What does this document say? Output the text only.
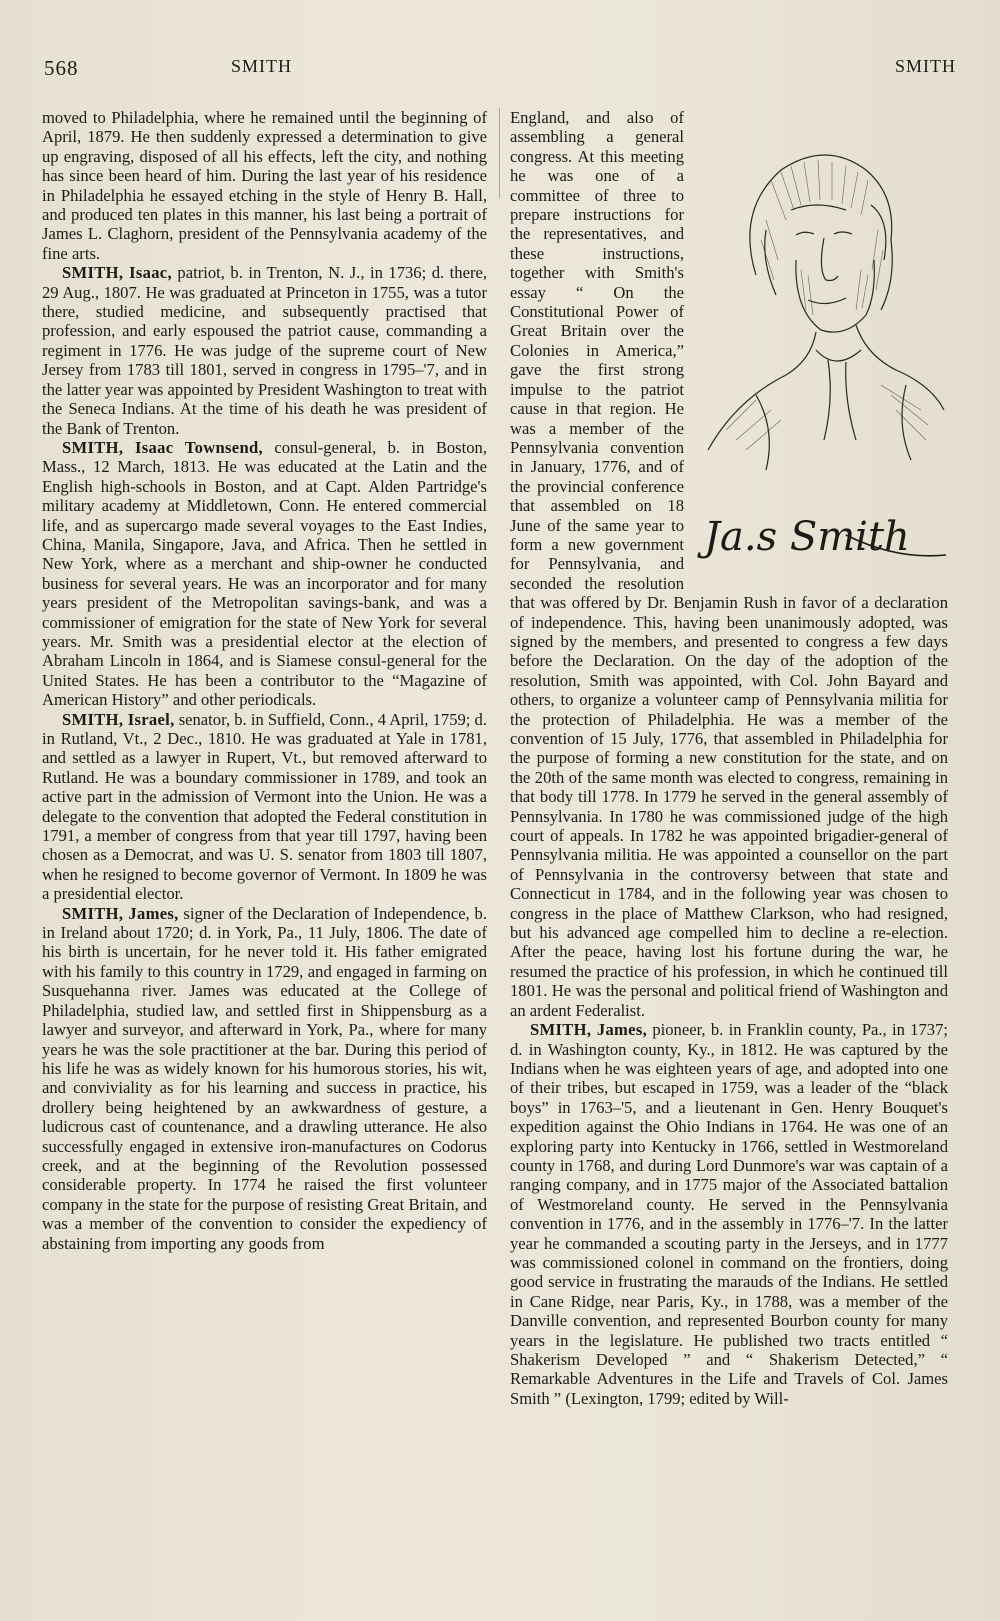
568	SMITH	SMITH

moved to Philadelphia, where he remained until the beginning of April, 1879. He then suddenly expressed a determination to give up engraving, disposed of all his effects, left the city, and nothing has since been heard of him. During the last year of his residence in Philadelphia he essayed etching in the style of Henry B. Hall, and produced ten plates in this manner, his last being a portrait of James L. Claghorn, president of the Pennsylvania academy of the fine arts.

SMITH, Isaac, patriot, b. in Trenton, N. J., in 1736; d. there, 29 Aug., 1807. He was graduated at Princeton in 1755, was a tutor there, studied medicine, and subsequently practised that profession, and early espoused the patriot cause, commanding a regiment in 1776. He was judge of the supreme court of New Jersey from 1783 till 1801, served in congress in 1795–'7, and in the latter year was appointed by President Washington to treat with the Seneca Indians. At the time of his death he was president of the Bank of Trenton.

SMITH, Isaac Townsend, consul-general, b. in Boston, Mass., 12 March, 1813. He was educated at the Latin and the English high-schools in Boston, and at Capt. Alden Partridge's military academy at Middletown, Conn. He entered commercial life, and as supercargo made several voyages to the East Indies, China, Manila, Singapore, Java, and Africa. Then he settled in New York, where as a merchant and ship-owner he conducted business for several years. He was an incorporator and for many years president of the Metropolitan savings-bank, and was a commissioner of emigration for the state of New York for several years. Mr. Smith was a presidential elector at the election of Abraham Lincoln in 1864, and is Siamese consul-general for the United States. He has been a contributor to the “Magazine of American History” and other periodicals.

SMITH, Israel, senator, b. in Suffield, Conn., 4 April, 1759; d. in Rutland, Vt., 2 Dec., 1810. He was graduated at Yale in 1781, and settled as a lawyer in Rupert, Vt., but removed afterward to Rutland. He was a boundary commissioner in 1789, and took an active part in the admission of Vermont into the Union. He was a delegate to the convention that adopted the Federal constitution in 1791, a member of congress from that year till 1797, having been chosen as a Democrat, and was U. S. senator from 1803 till 1807, when he resigned to become governor of Vermont. In 1809 he was a presidential elector.

SMITH, James, signer of the Declaration of Independence, b. in Ireland about 1720; d. in York, Pa., 11 July, 1806. The date of his birth is uncertain, for he never told it. His father emigrated with his family to this country in 1729, and engaged in farming on Susquehanna river. James was educated at the College of Philadelphia, studied law, and settled first in Shippensburg as a lawyer and surveyor, and afterward in York, Pa., where for many years he was the sole practitioner at the bar. During this period of his life he was as widely known for his humorous stories, his wit, and conviviality as for his learning and success in practice, his drollery being heightened by an awkwardness of gesture, a ludicrous cast of countenance, and a drawling utterance. He also successfully engaged in extensive iron-manufactures on Codorus creek, and at the beginning of the Revolution possessed considerable property. In 1774 he raised the first volunteer company in the state for the purpose of resisting Great Britain, and was a member of the convention to consider the expediency of abstaining from importing any goods from

Ja.s Smith

England, and also of assembling a general congress. At this meeting he was one of a committee of three to prepare instructions for the representatives, and these instructions, together with Smith's essay “ On the Constitutional Power of Great Britain over the Colonies in America,” gave the first strong impulse to the patriot cause in that region. He was a member of the Pennsylvania convention in January, 1776, and of the provincial conference that assembled on 18 June of the same year to form a new government for Pennsylvania, and seconded the resolution that was offered by Dr. Benjamin Rush in favor of a declaration of independence. This, having been unanimously adopted, was signed by the members, and presented to congress a few days before the Declaration. On the day of the adoption of the resolution, Smith was appointed, with Col. John Bayard and others, to organize a volunteer camp of Pennsylvania militia for the protection of Philadelphia. He was a member of the convention of 15 July, 1776, that assembled in Philadelphia for the purpose of forming a new constitution for the state, and on the 20th of the same month was elected to congress, remaining in that body till 1778. In 1779 he served in the general assembly of Pennsylvania. In 1780 he was commissioned judge of the high court of appeals. In 1782 he was appointed brigadier-general of Pennsylvania militia. He was appointed a counsellor on the part of Pennsylvania in the controversy between that state and Connecticut in 1784, and in the following year was chosen to congress in the place of Matthew Clarkson, who had resigned, but his advanced age compelled him to decline a re-election. After the peace, having lost his fortune during the war, he resumed the practice of his profession, in which he continued till 1801. He was the personal and political friend of Washington and an ardent Federalist.

SMITH, James, pioneer, b. in Franklin county, Pa., in 1737; d. in Washington county, Ky., in 1812. He was captured by the Indians when he was eighteen years of age, and adopted into one of their tribes, but escaped in 1759, was a leader of the “black boys” in 1763–'5, and a lieutenant in Gen. Henry Bouquet's expedition against the Ohio Indians in 1764. He was one of an exploring party into Kentucky in 1766, settled in Westmoreland county in 1768, and during Lord Dunmore's war was captain of a ranging company, and in 1775 major of the Associated battalion of Westmoreland county. He served in the Pennsylvania convention in 1776, and in the assembly in 1776–'7. In the latter year he commanded a scouting party in the Jerseys, and in 1777 was commissioned colonel in command on the frontiers, doing good service in frustrating the marauds of the Indians. He settled in Cane Ridge, near Paris, Ky., in 1788, was a member of the Danville convention, and represented Bourbon county for many years in the legislature. He published two tracts entitled “ Shakerism Developed ” and “ Shakerism Detected,” “ Remarkable Adventures in the Life and Travels of Col. James Smith ” (Lexington, 1799; edited by Will-
